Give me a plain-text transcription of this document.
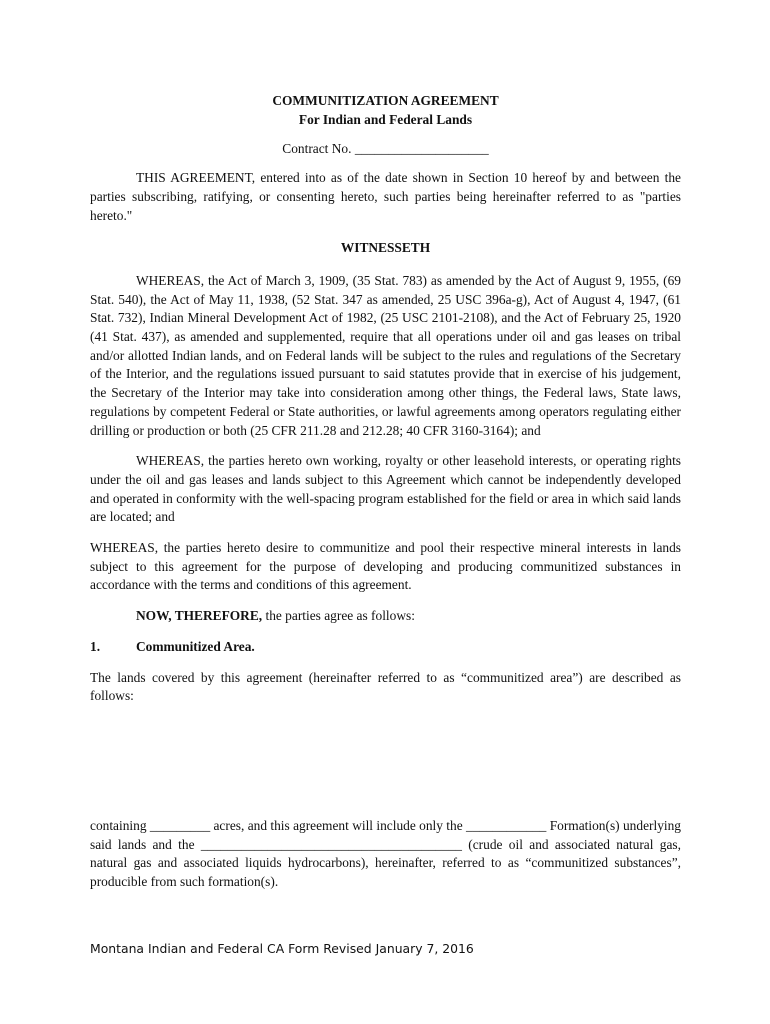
COMMUNITIZATION AGREEMENT

For Indian and Federal Lands

Contract No. ____________________

THIS AGREEMENT, entered into as of the date shown in Section 10 hereof by and between the parties subscribing, ratifying, or consenting hereto, such parties being hereinafter referred to as "parties hereto."

WITNESSETH

WHEREAS, the Act of March 3, 1909, (35 Stat. 783) as amended by the Act of August 9, 1955, (69 Stat. 540), the Act of May 11, 1938, (52 Stat. 347 as amended, 25 USC 396a-g), Act of August 4, 1947, (61 Stat. 732), Indian Mineral Development Act of 1982, (25 USC 2101-2108), and the Act of February 25, 1920 (41 Stat. 437), as amended and supplemented, require that all operations under oil and gas leases on tribal and/or allotted Indian lands, and on Federal lands will be subject to the rules and regulations of the Secretary of the Interior, and the regulations issued pursuant to said statutes provide that in exercise of his judgement, the Secretary of the Interior may take into consideration among other things, the Federal laws, State laws, regulations by competent Federal or State authorities, or lawful agreements among operators regulating either drilling or production or both (25 CFR 211.28 and 212.28; 40 CFR 3160-3164); and

WHEREAS, the parties hereto own working, royalty or other leasehold interests, or operating rights under the oil and gas leases and lands subject to this Agreement which cannot be independently developed and operated in conformity with the well-spacing program established for the field or area in which said lands are located; and

WHEREAS, the parties hereto desire to communitize and pool their respective mineral interests in lands subject to this agreement for the purpose of developing and producing communitized substances in accordance with the terms and conditions of this agreement.

NOW, THEREFORE, the parties agree as follows:

1.	Communitized Area.

The lands covered by this agreement (hereinafter referred to as “communitized area”) are described as follows:

containing _________ acres, and this agreement will include only the ____________ Formation(s) underlying said lands and the _______________________________________ (crude oil and associated natural gas, natural gas and associated liquids hydrocarbons), hereinafter, referred to as “communitized substances”, producible from such formation(s).

Montana Indian and Federal CA Form Revised January 7, 2016
